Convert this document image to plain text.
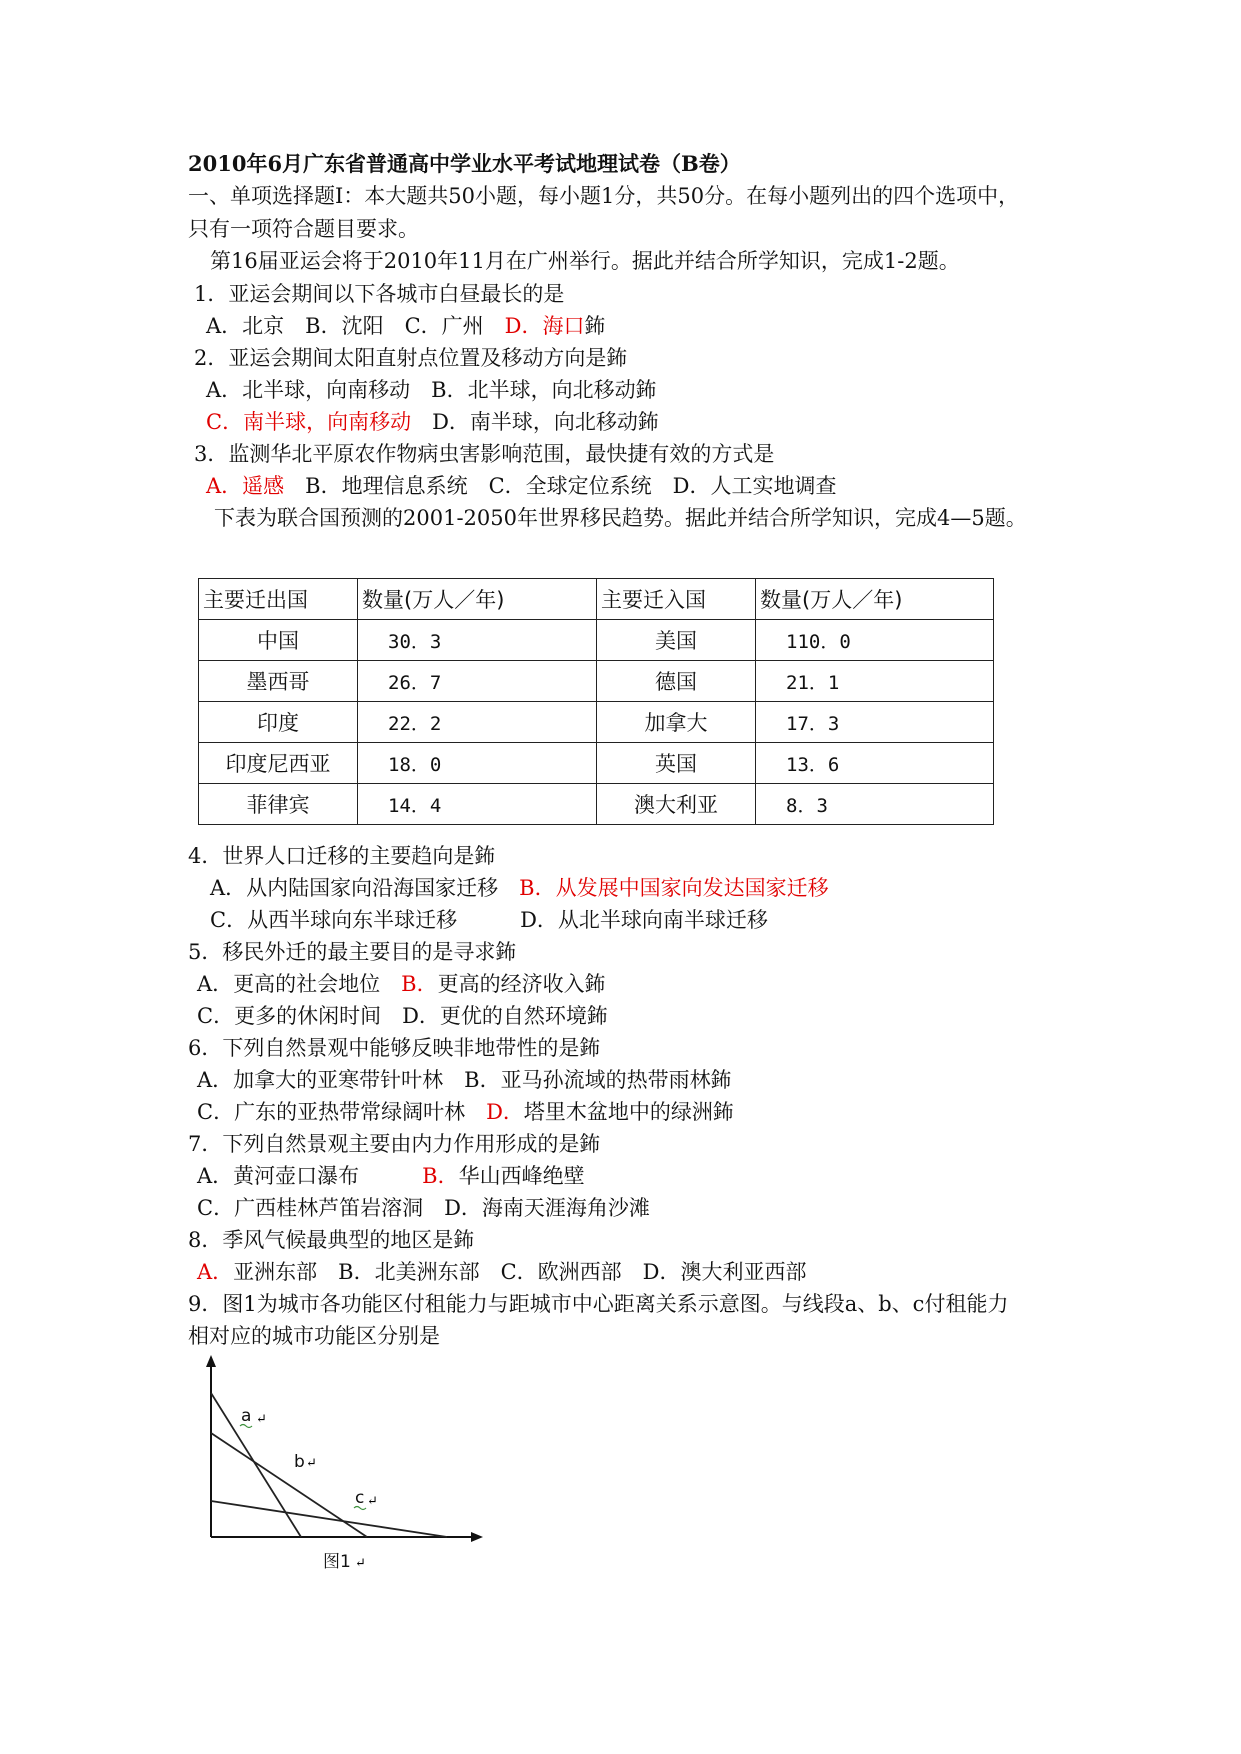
2010年6月广东省普通高中学业水平考试地理试卷（B卷）
一、单项选择题Ⅰ：本大题共50小题，每小题1分，共50分。在每小题列出的四个选项中，
只有一项符合题目要求。
第16届亚运会将于2010年11月在广州举行。据此并结合所学知识，完成1-2题。
1．亚运会期间以下各城市白昼最长的是
A．北京　B．沈阳　C．广州　D．海口鈽
2．亚运会期间太阳直射点位置及移动方向是鈽
A．北半球，向南移动　B．北半球，向北移动鈽
C．南半球，向南移动　D．南半球，向北移动鈽
3．监测华北平原农作物病虫害影响范围，最快捷有效的方式是
A．遥感　B．地理信息系统　C．全球定位系统　D．人工实地调查
下表为联合国预测的2001-2050年世界移民趋势。据此并结合所学知识，完成4—5题。
主要迁出国	数量(万人／年)	主要迁入国	数量(万人／年)
中国	30．3	美国	110．0
墨西哥	26．7	德国	21．1
印度	22．2	加拿大	17．3
印度尼西亚	18．0	英国	13．6
菲律宾	14．4	澳大利亚	8．3
4．世界人口迁移的主要趋向是鈽
A．从内陆国家向沿海国家迁移　B．从发展中国家向发达国家迁移
C．从西半球向东半球迁移　　　D．从北半球向南半球迁移
5．移民外迁的最主要目的是寻求鈽
A．更高的社会地位　B．更高的经济收入鈽
C．更多的休闲时间　D．更优的自然环境鈽
6．下列自然景观中能够反映非地带性的是鈽
A．加拿大的亚寒带针叶林　B．亚马孙流域的热带雨林鈽
C．广东的亚热带常绿阔叶林　D．塔里木盆地中的绿洲鈽
7．下列自然景观主要由内力作用形成的是鈽
A．黄河壶口瀑布　　　B．华山西峰绝壁
C．广西桂林芦笛岩溶洞　D．海南天涯海角沙滩
8．季风气候最典型的地区是鈽
A．亚洲东部　B．北美洲东部　C．欧洲西部　D．澳大利亚西部
9．图1为城市各功能区付租能力与距城市中心距离关系示意图。与线段a、b、c付租能力
相对应的城市功能区分别是
a ↵
b ↵
c ↵
图1 ↵
